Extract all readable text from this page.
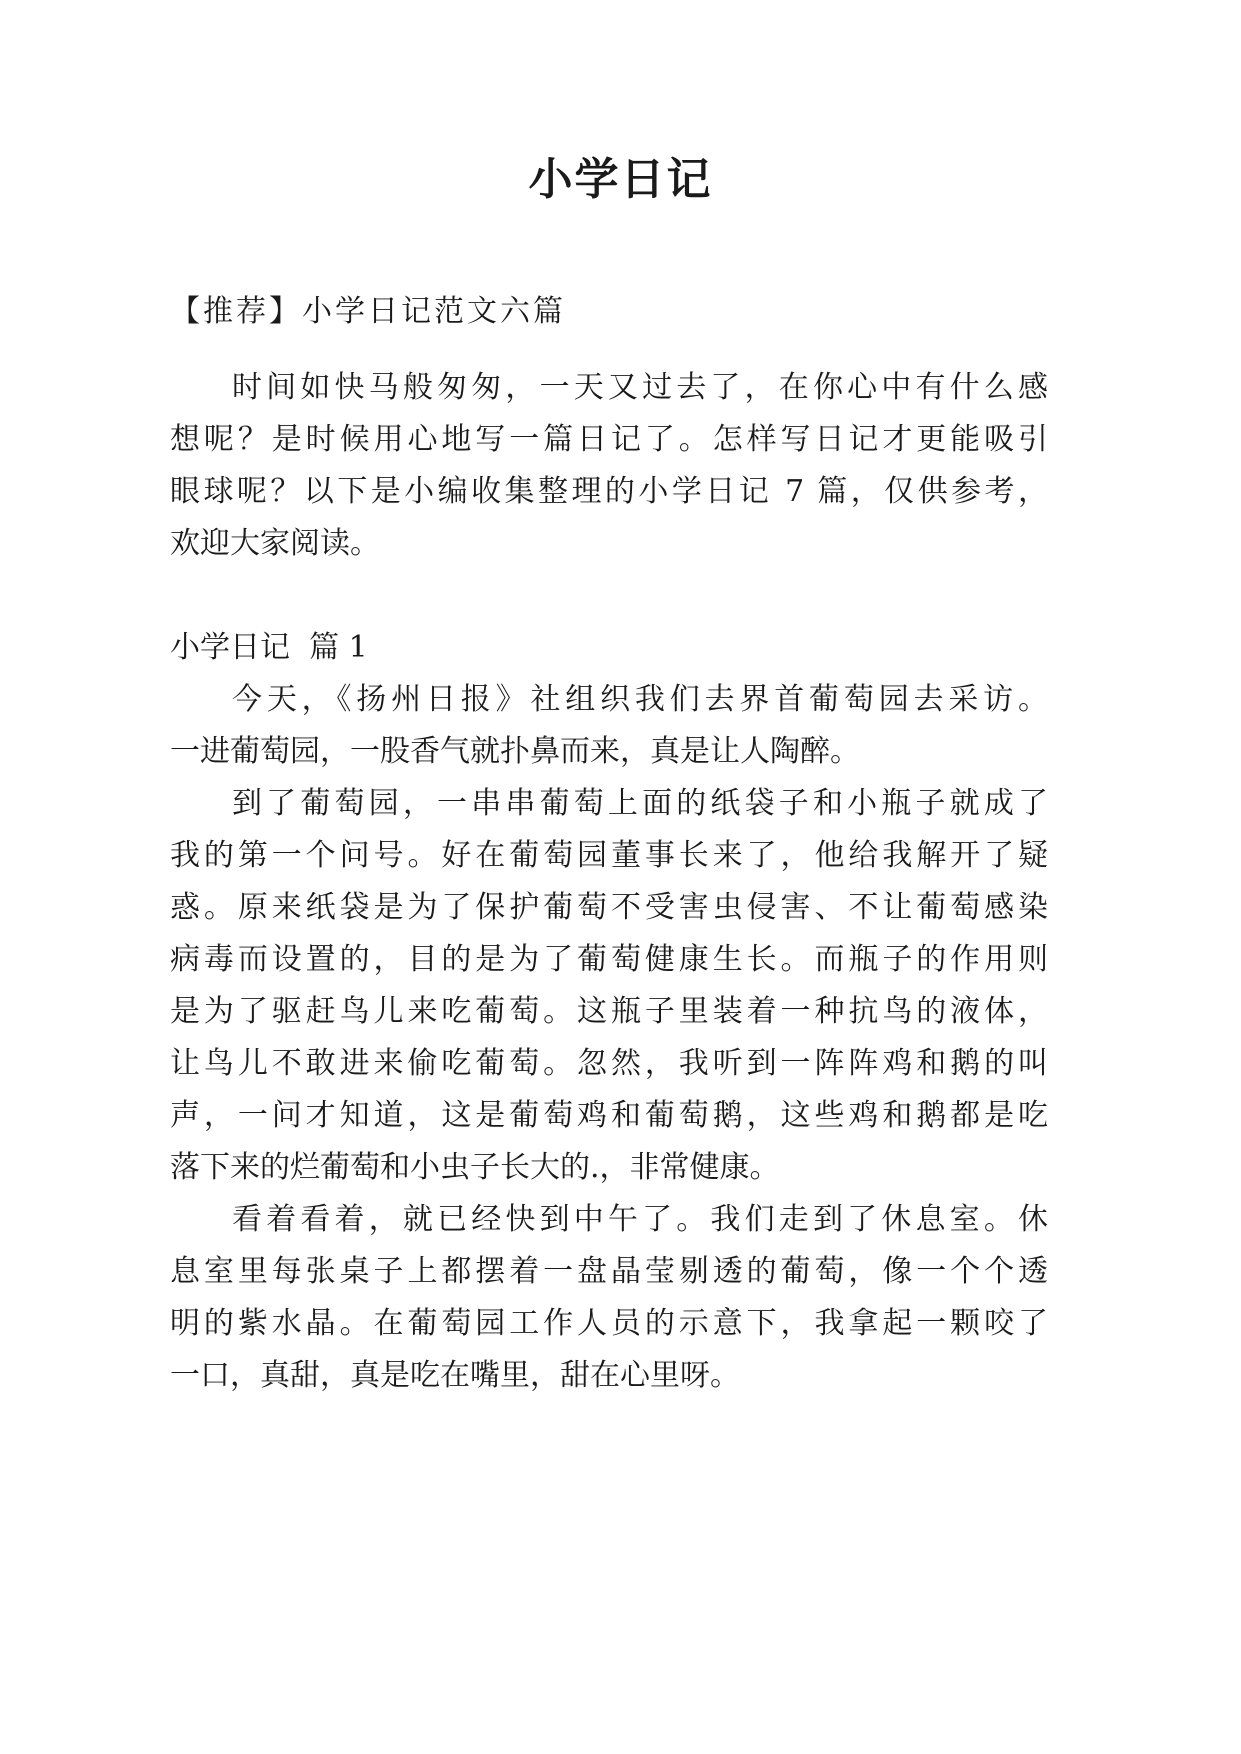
小学日记

【推荐】小学日记范文六篇

时间如快马般匆匆，一天又过去了，在你心中有什么感

想呢？是时候用心地写一篇日记了。怎样写日记才更能吸引

眼球呢？以下是小编收集整理的小学日记 7 篇，仅供参考，

欢迎大家阅读。

小学日记  篇 1

今天，《扬州日报》社组织我们去界首葡萄园去采访。

一进葡萄园，一股香气就扑鼻而来，真是让人陶醉。

到了葡萄园，一串串葡萄上面的纸袋子和小瓶子就成了

我的第一个问号。好在葡萄园董事长来了，他给我解开了疑

惑。原来纸袋是为了保护葡萄不受害虫侵害、不让葡萄感染

病毒而设置的，目的是为了葡萄健康生长。而瓶子的作用则

是为了驱赶鸟儿来吃葡萄。这瓶子里装着一种抗鸟的液体，

让鸟儿不敢进来偷吃葡萄。忽然，我听到一阵阵鸡和鹅的叫

声，一问才知道，这是葡萄鸡和葡萄鹅，这些鸡和鹅都是吃

落下来的烂葡萄和小虫子长大的.，非常健康。

看着看着，就已经快到中午了。我们走到了休息室。休

息室里每张桌子上都摆着一盘晶莹剔透的葡萄，像一个个透

明的紫水晶。在葡萄园工作人员的示意下，我拿起一颗咬了

一口，真甜，真是吃在嘴里，甜在心里呀。
